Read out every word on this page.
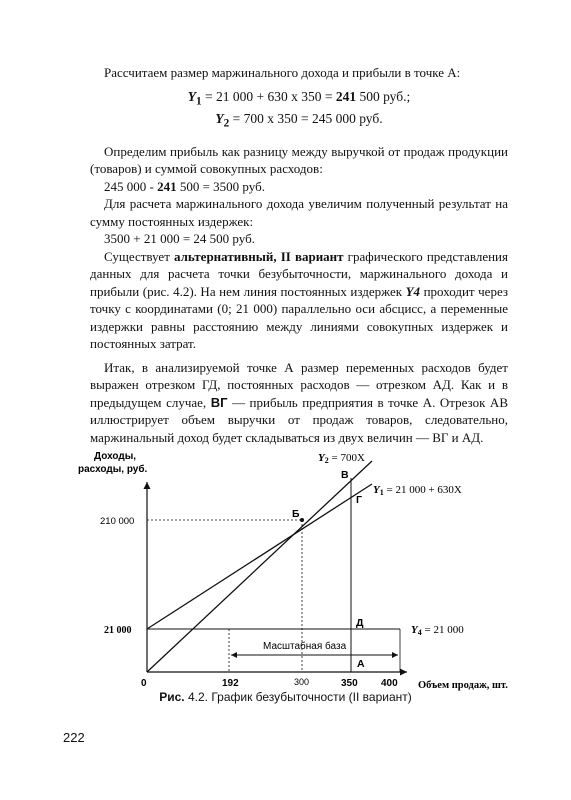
Рассчитаем размер маржинального дохода и прибыли в точке А:

$Y_1 = 21$ 000 + 630 x 350 = 241 500 руб.;
$Y_2 = 700$ x 350 = 245 000 руб.

Определим прибыль как разницу между выручкой от продаж продукции (товаров) и суммой совокупных расходов:

245 000 - 241 500 = 3500 руб.

Для расчета маржинального дохода увеличим полученный результат на сумму постоянных издержек:

3500 + 21 000 = 24 500 руб.

Существует альтернативный, II вариант графического представления данных для расчета точки безубыточности, маржинального дохода и прибыли (рис. 4.2). На нем линия постоянных издержек Y4 проходит через точку с координатами (0; 21 000) параллельно оси абсцисс, а переменные издержки равны расстоянию между линиями совокупных издержек и постоянных затрат.

Итак, в анализируемой точке А размер переменных расходов будет выражен отрезком ГД, постоянных расходов — отрезком АД. Как и в предыдущем случае, ВГ — прибыль предприятия в точке А. Отрезок АВ иллюстрирует объем выручки от продаж товаров, следовательно, маржинальный доход будет складываться из двух величин — ВГ и АД.

Доходы,
расходы, руб.
Объем продаж, шт.
Масштабная база
Б
В
Г
Д
А
210 000
21 000
0	192	300	350 400
Y2 = 700X
Y1 = 21 000 + 630X
Y4 = 21 000
Рис. 4.2. График безубыточности (II вариант)
222
